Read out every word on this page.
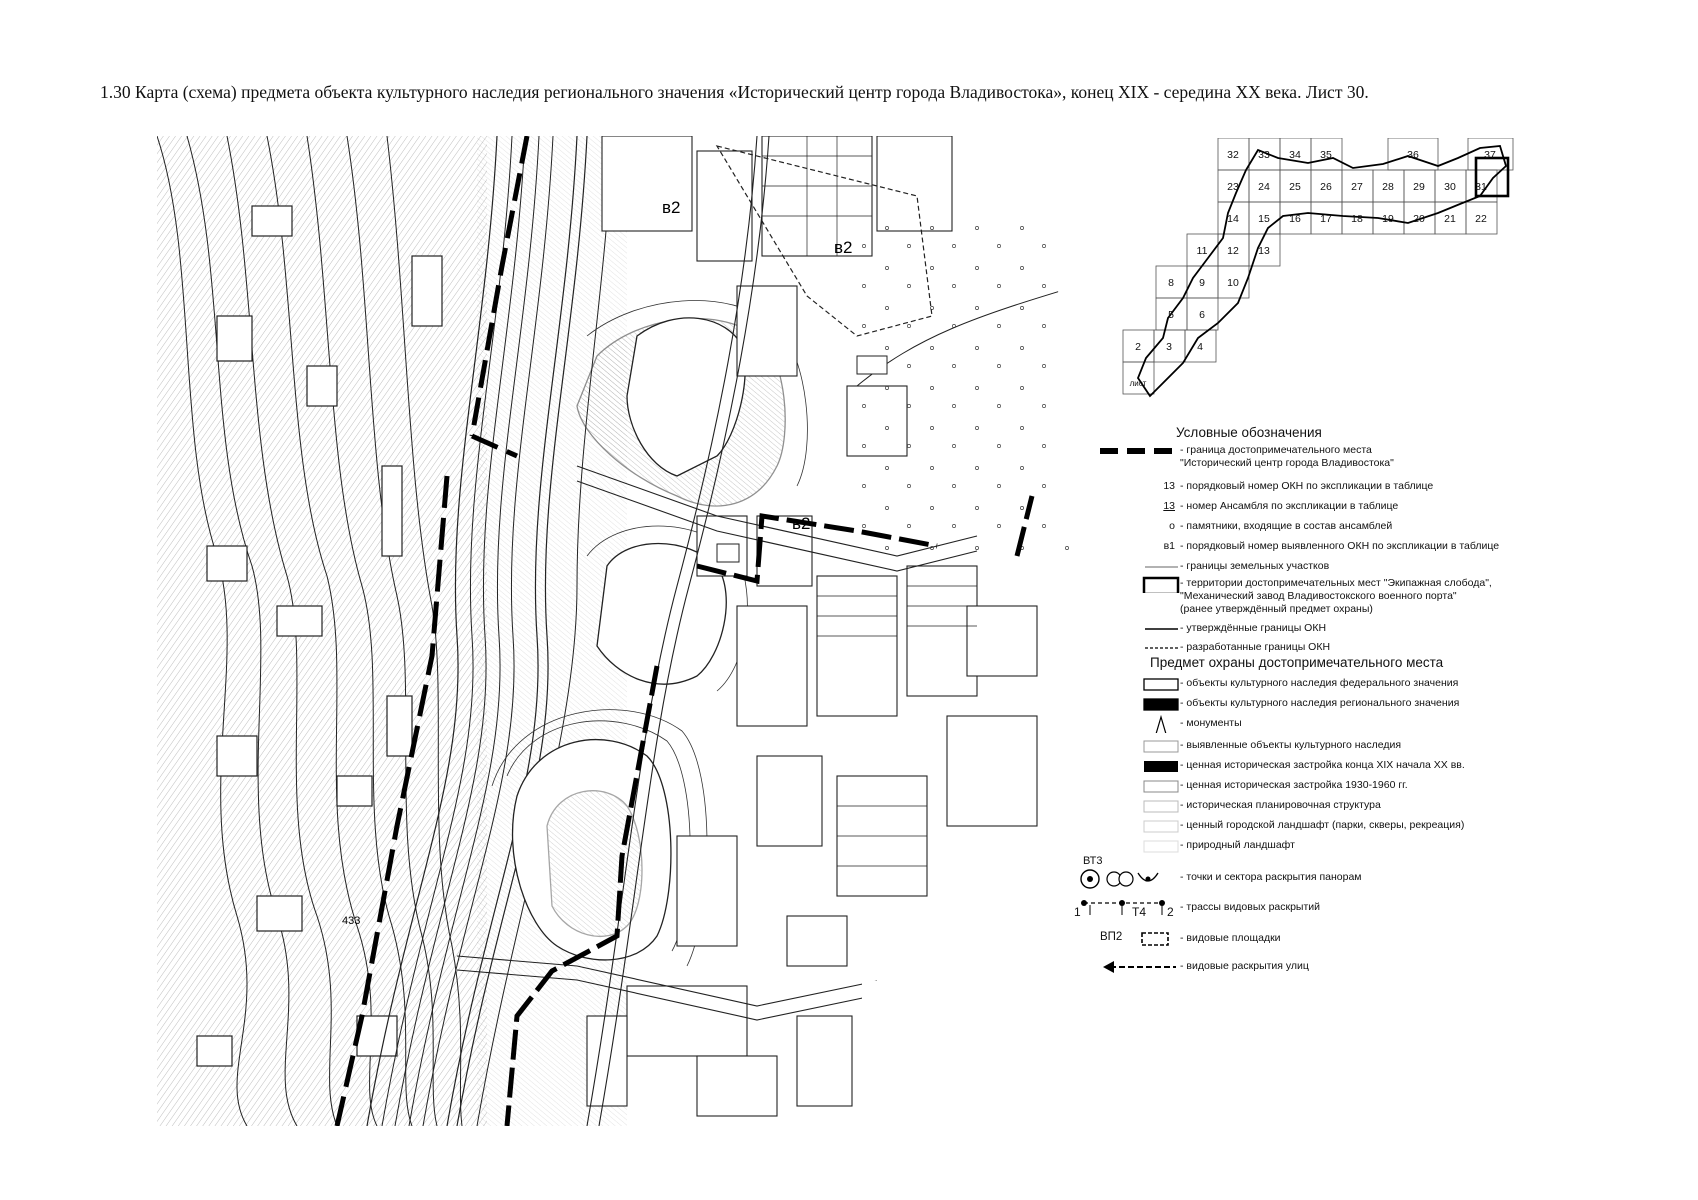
1.30 Карта (схема) предмета объекта культурного наследия регионального значения «Исторический центр города Владивостока», конец XIX - середина XX века. Лист 30.
в2
в2
в2
433
32 33 34 35	36	37
23 24 25 26 27 28 29 30 31
14 15 16 17 18 19 20 21 22
11 12 13
8 9 10
5 6
2 3 4
лист
Условные обозначения
- граница достопримечательного места
"Исторический центр города Владивостока"
13 - порядковый номер ОКН по экспликации в таблице
13 - номер Ансамбля по экспликации в таблице
о - памятники, входящие в состав ансамблей
в1 - порядковый номер выявленного ОКН по экспликации в таблице
- границы земельных участков
- территории достопримечательных мест "Экипажная слобода",
"Механический завод Владивостокского военного порта"
(ранее утверждённый предмет охраны)
- утверждённые границы ОКН
- разработанные границы ОКН
Предмет охраны достопримечательного места
- объекты культурного наследия федерального значения
- объекты культурного наследия регионального значения
- монументы
- выявленные объекты культурного наследия
- ценная историческая застройка конца XIX начала XX вв.
- ценная историческая застройка 1930-1960 гг.
- историческая планировочная структура
- ценный городской ландшафт (парки, скверы, рекреация)
- природный ландшафт
ВТ3
- точки и сектора раскрытия панорам
1	Т4 2 - трассы видовых раскрытий
ВП2	- видовые площадки
- видовые раскрытия улиц
